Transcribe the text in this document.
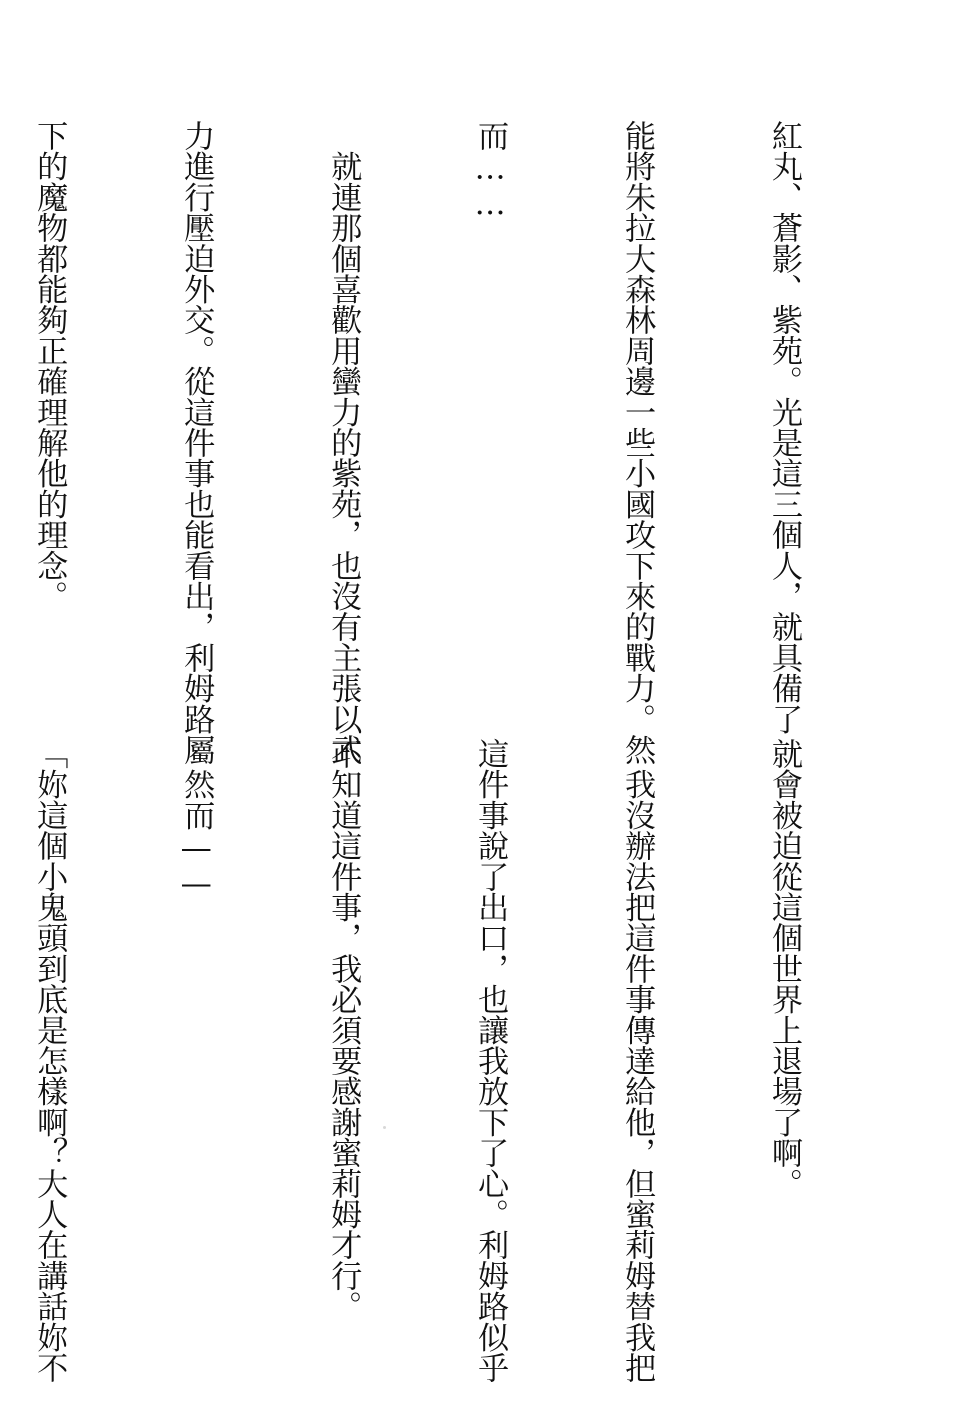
紅丸、蒼影、紫苑。光是這三個人，就具備了

能將朱拉大森林周邊一些小國攻下來的戰力。然

而……

　就連那個喜歡用蠻力的紫苑，也沒有主張以武

力進行壓迫外交。從這件事也能看出，利姆路屬

下的魔物都能夠正確理解他的理念。

就會被迫從這個世界上退場了啊。

　我沒辦法把這件事傳達給他，但蜜莉姆替我把

這件事說了出口，也讓我放下了心。利姆路似乎

不知道這件事，我必須要感謝蜜莉姆才行。

　然而——

「妳這個小鬼頭到底是怎樣啊？大人在講話妳不
